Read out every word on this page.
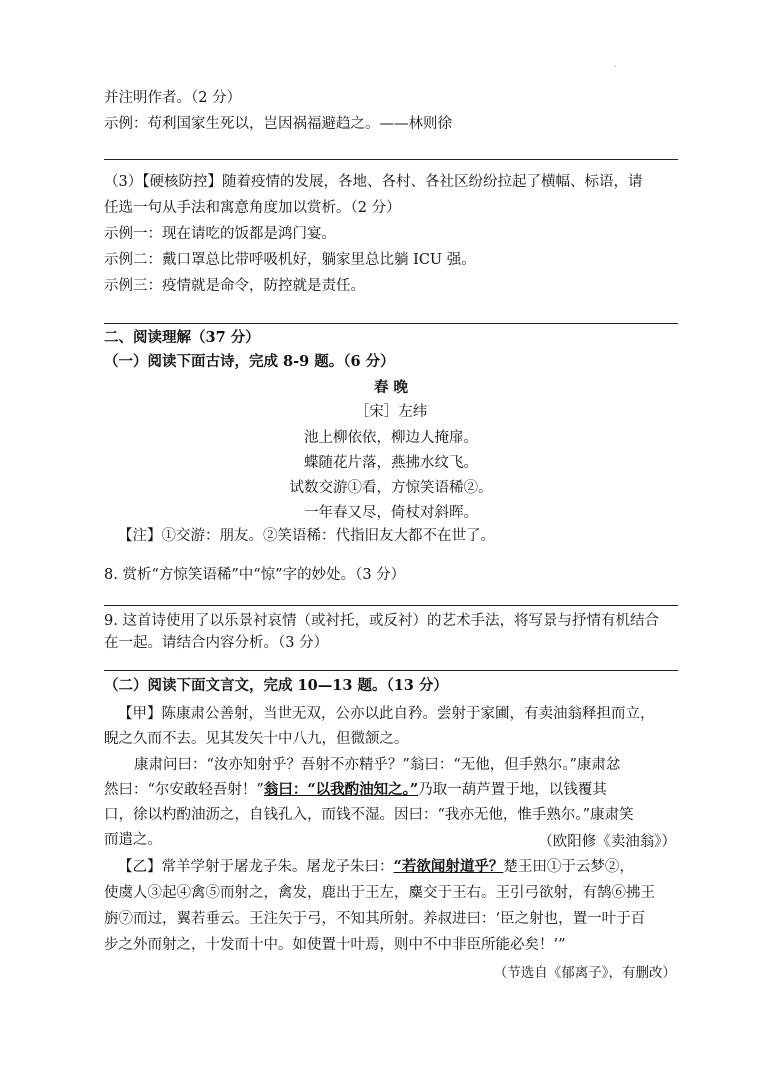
·
并注明作者。（2 分）
示例：苟利国家生死以，岂因祸福避趋之。——林则徐
（3）【硬核防控】随着疫情的发展，各地、各村、各社区纷纷拉起了横幅、标语，请
任选一句从手法和寓意角度加以赏析。（2 分）
示例一：现在请吃的饭都是鸿门宴。
示例二：戴口罩总比带呼吸机好，躺家里总比躺 ICU 强。
示例三：疫情就是命令，防控就是责任。
二、阅读理解（37 分）
（一）阅读下面古诗，完成 8-9 题。（6 分）
春 晚
［宋］左纬
池上柳依依，柳边人掩扉。
蝶随花片落，燕拂水纹飞。
试数交游①看，方惊笑语稀②。
一年春又尽，倚杖对斜晖。
【注】①交游：朋友。②笑语稀：代指旧友大都不在世了。
8. 赏析“方惊笑语稀”中“惊”字的妙处。（3 分）
9. 这首诗使用了以乐景衬哀情（或衬托，或反衬）的艺术手法，将写景与抒情有机结合
在一起。请结合内容分析。（3 分）
（二）阅读下面文言文，完成 10—13 题。（13 分）
【甲】陈康肃公善射，当世无双，公亦以此自矜。尝射于家圃，有卖油翁释担而立，
睨之久而不去。见其发矢十中八九，但微颔之。
康肃问曰：“汝亦知射乎？吾射不亦精乎？”翁曰：“无他，但手熟尔。”康肃忿
然曰：“尔安敢轻吾射！”翁曰：“以我酌油知之。”乃取一葫芦置于地，以钱覆其
口，徐以杓酌油沥之，自钱孔入，而钱不湿。因曰：“我亦无他，惟手熟尔。”康肃笑
而遣之。	（欧阳修《卖油翁》）
【乙】常羊学射于屠龙子朱。屠龙子朱曰：“若欲闻射道乎？楚王田①于云梦②，
使虞人③起④禽⑤而射之，禽发，鹿出于王左，麋交于王右。王引弓欲射，有鹄⑥拂王
旃⑦而过，翼若垂云。王注矢于弓，不知其所射。养叔进曰：‘臣之射也，置一叶于百
步之外而射之，十发而十中。如使置十叶焉，则中不中非臣所能必矣！’”
（节选自《郁离子》，有删改）
